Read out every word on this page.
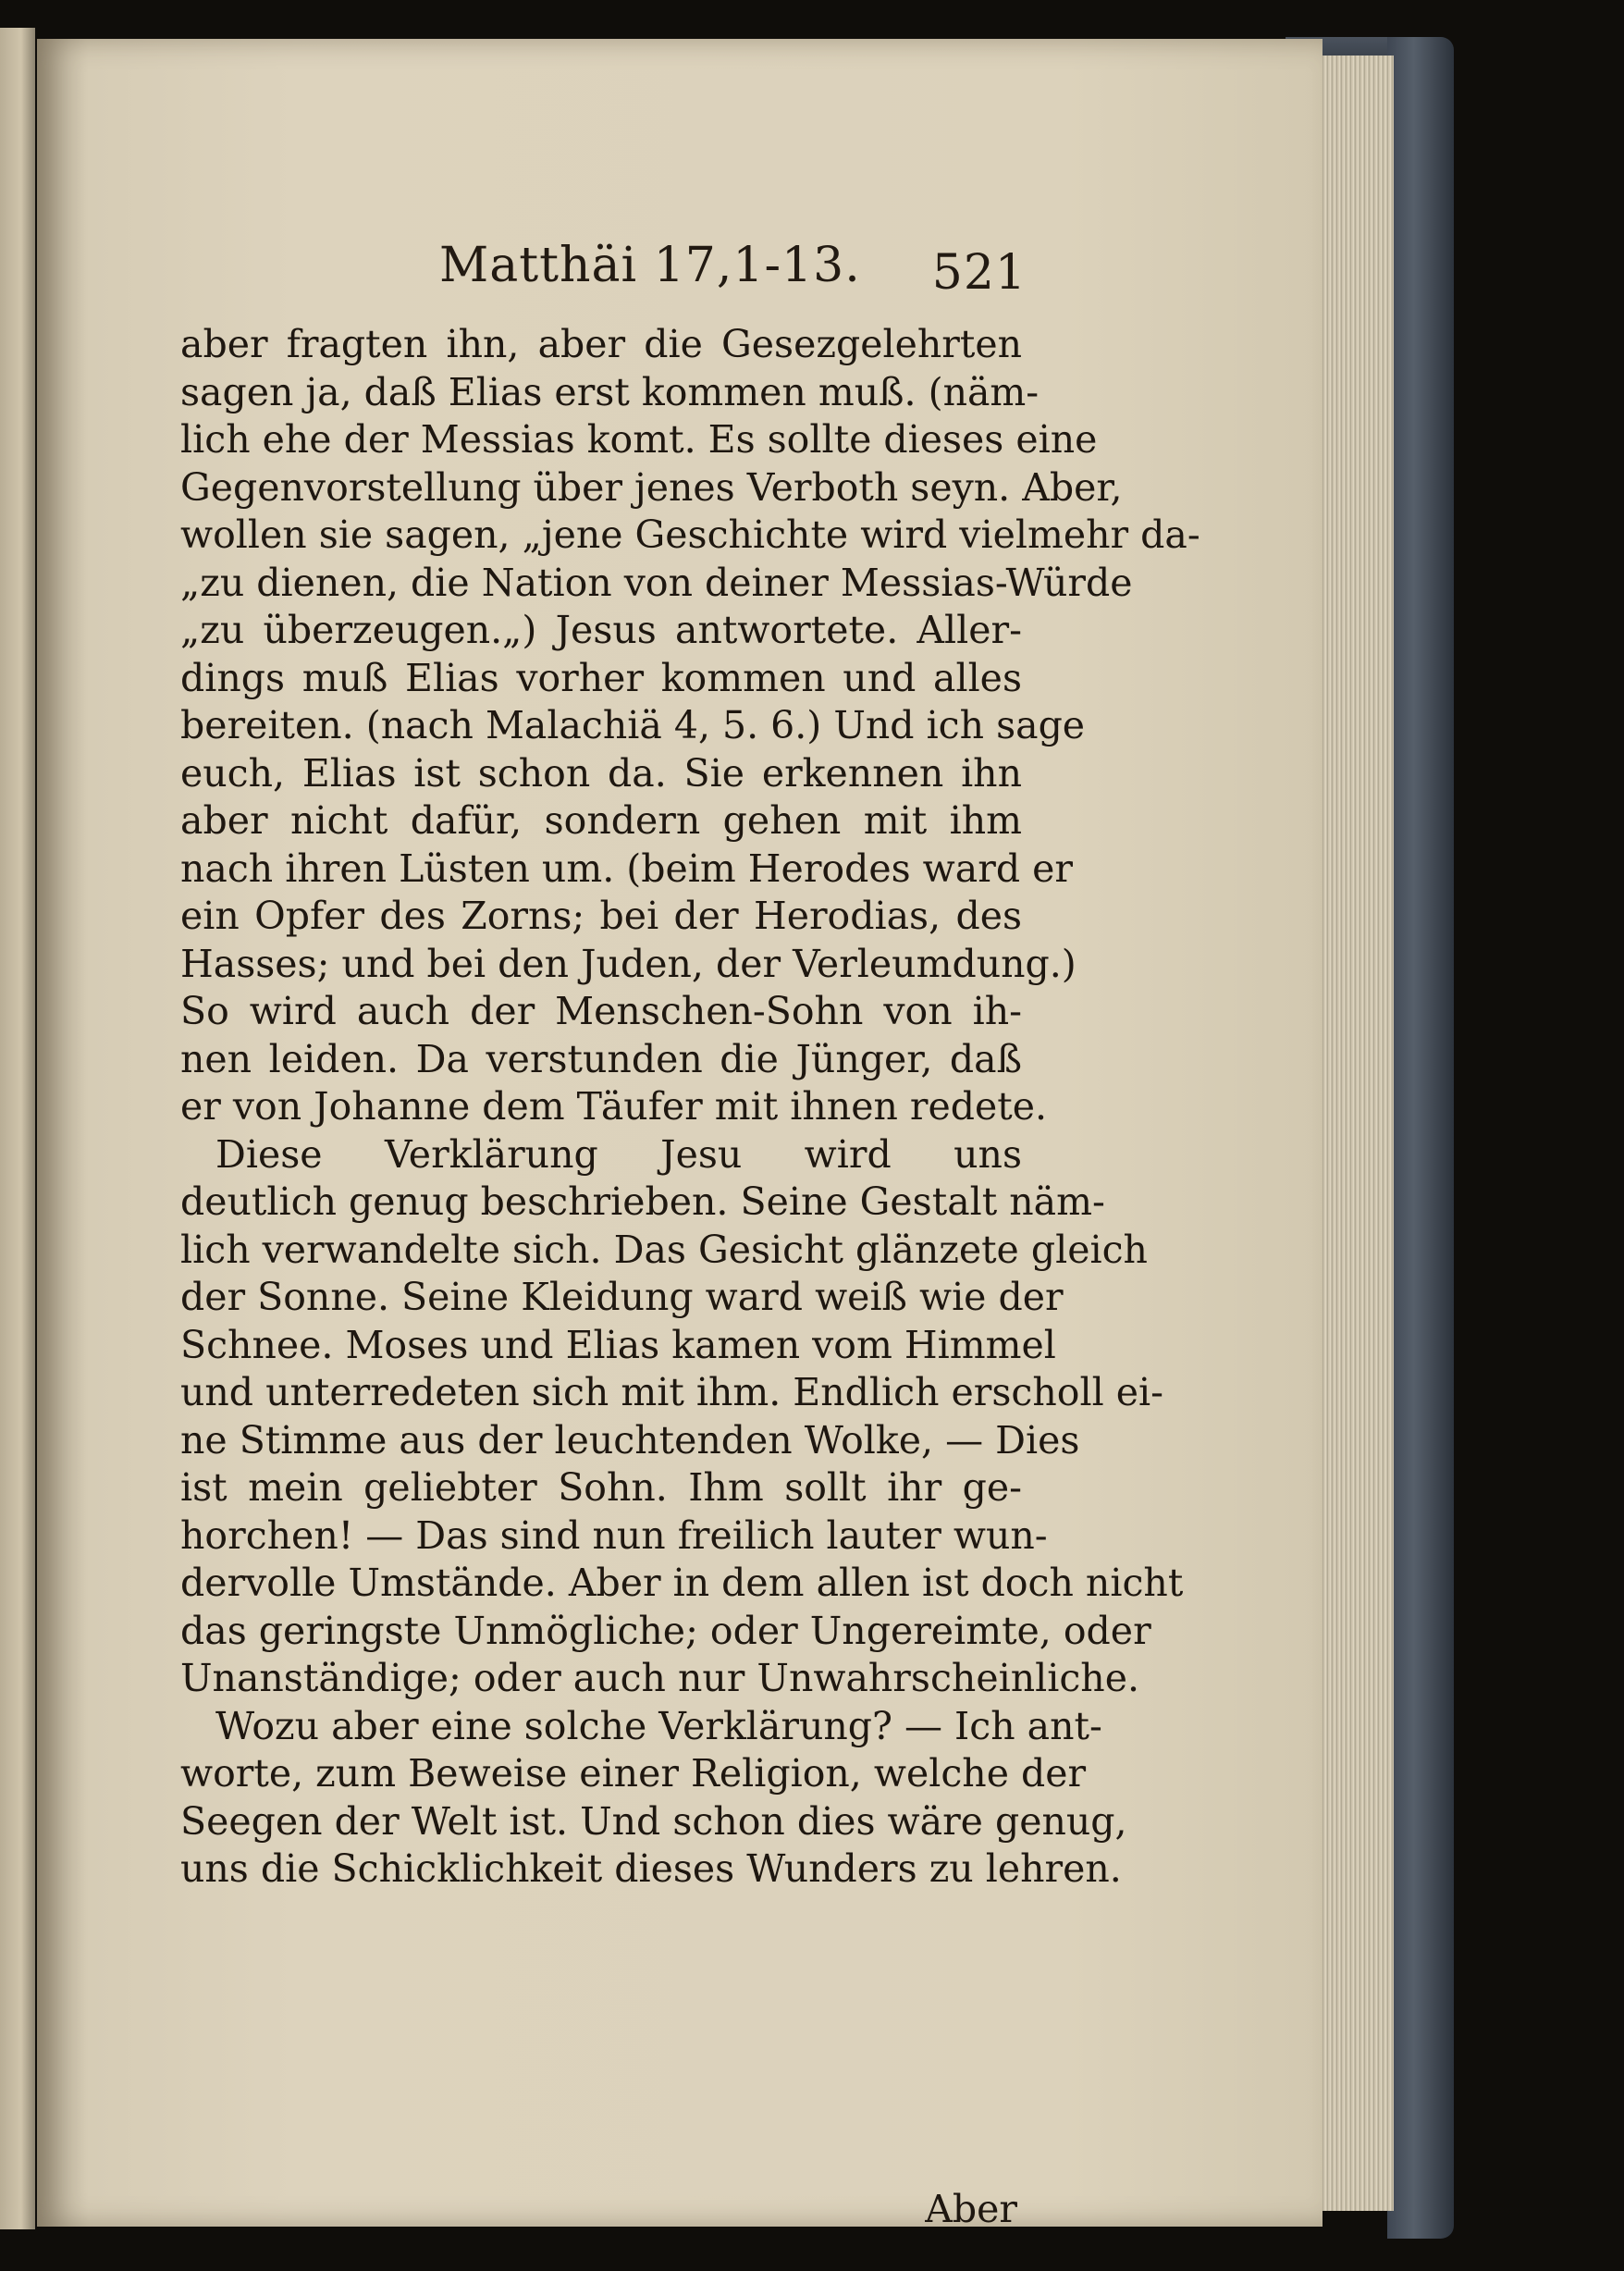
Matthäi 17,1-13. 521
aber fragten ihn, aber die Gesezgelehrten
sagen ja, daß Elias erst kommen muß. (näm-
lich ehe der Messias komt. Es sollte dieses eine
Gegenvorstellung über jenes Verboth seyn. Aber,
wollen sie sagen, „jene Geschichte wird vielmehr da-
„zu dienen, die Nation von deiner Messias-Würde
„zu überzeugen.„) Jesus antwortete. Aller-
dings muß Elias vorher kommen und alles
bereiten. (nach Malachiä 4, 5. 6.) Und ich sage
euch, Elias ist schon da. Sie erkennen ihn
aber nicht dafür, sondern gehen mit ihm
nach ihren Lüsten um. (beim Herodes ward er
ein Opfer des Zorns; bei der Herodias, des
Hasses; und bei den Juden, der Verleumdung.)
So wird auch der Menschen-Sohn von ih-
nen leiden. Da verstunden die Jünger, daß
er von Johanne dem Täufer mit ihnen redete.
Diese Verklärung Jesu wird uns
deutlich genug beschrieben. Seine Gestalt näm-
lich verwandelte sich. Das Gesicht glänzete gleich
der Sonne. Seine Kleidung ward weiß wie der
Schnee. Moses und Elias kamen vom Himmel
und unterredeten sich mit ihm. Endlich erscholl ei-
ne Stimme aus der leuchtenden Wolke, — Dies
ist mein geliebter Sohn. Ihm sollt ihr ge-
horchen! — Das sind nun freilich lauter wun-
dervolle Umstände. Aber in dem allen ist doch nicht
das geringste Unmögliche; oder Ungereimte, oder
Unanständige; oder auch nur Unwahrscheinliche.
Wozu aber eine solche Verklärung? — Ich ant-
worte, zum Beweise einer Religion, welche der
Seegen der Welt ist. Und schon dies wäre genug,
uns die Schicklichkeit dieses Wunders zu lehren.
Aber
